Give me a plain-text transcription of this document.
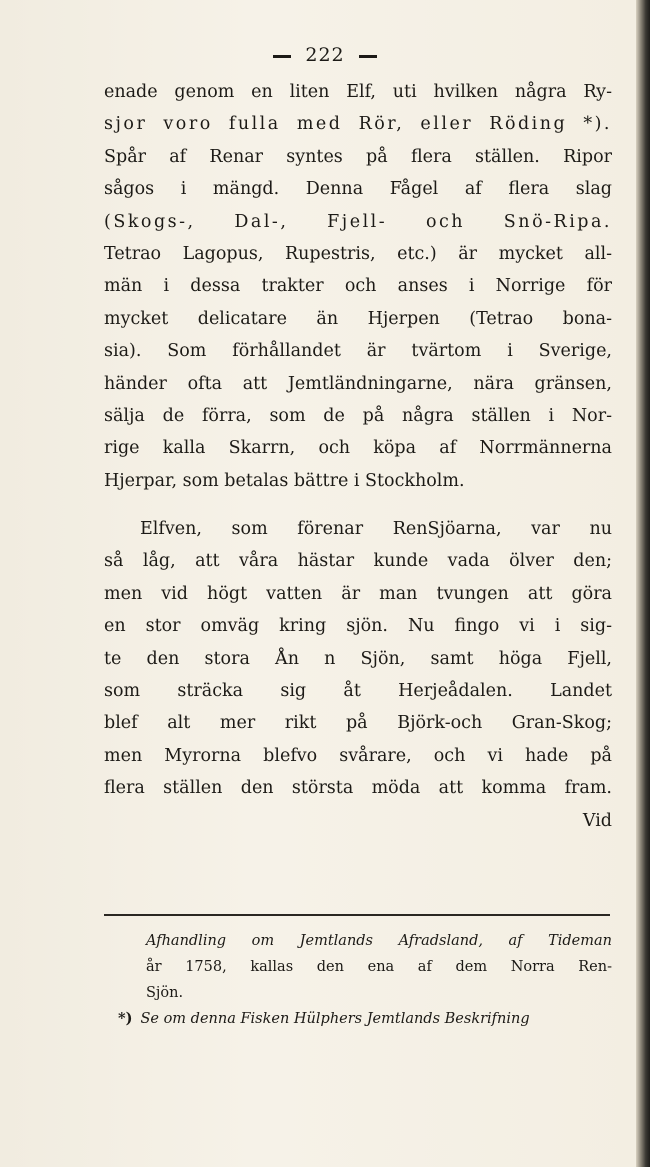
222
enade genom en liten Elf, uti hvilken några Ry-
sjor voro fulla med Rör, eller Röding *).
Spår af Renar syntes på flera ställen. Ripor
sågos i mängd. Denna Fågel af flera slag
(Skogs-, Dal-, Fjell- och Snö-Ripa.
Tetrao Lagopus, Rupestris, etc.) är mycket all-
män i dessa trakter och anses i Norrige för
mycket delicatare än Hjerpen (Tetrao bona-
sia). Som förhållandet är tvärtom i Sverige,
händer ofta att Jemtländningarne, nära gränsen,
sälja de förra, som de på några ställen i Nor-
rige kalla Skarrn, och köpa af Norrmännerna
Hjerpar, som betalas bättre i Stockholm.
Elfven, som förenar RenSjöarna, var nu
så låg, att våra hästar kunde vada ölver den;
men vid högt vatten är man tvungen att göra
en stor omväg kring sjön. Nu fingo vi i sig-
te den stora Ån n Sjön, samt höga Fjell,
som sträcka sig åt Herjeådalen. Landet
blef alt mer rikt på Björk-och Gran-Skog;
men Myrorna blefvo svårare, och vi hade på
flera ställen den största möda att komma fram.
Vid
Afhandling om Jemtlands Afradsland, af Tideman
år 1758, kallas den ena af dem Norra Ren-
Sjön.
*) Se om denna Fisken Hülphers Jemtlands Beskrifning
